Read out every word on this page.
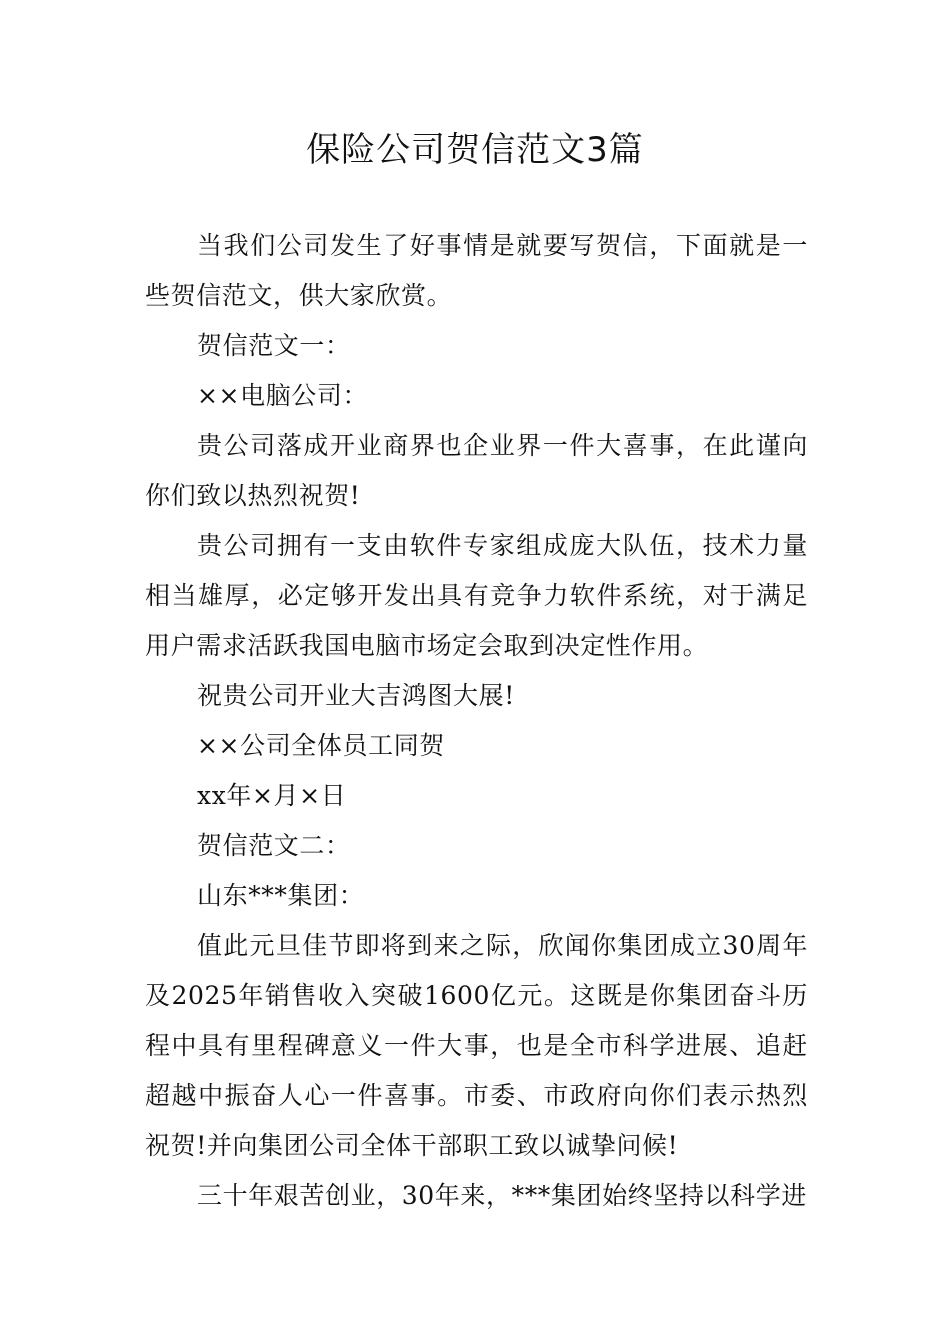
保险公司贺信范文3篇

当我们公司发生了好事情是就要写贺信，下面就是一些贺信范文，供大家欣赏。

贺信范文一：

××电脑公司：

贵公司落成开业商界也企业界一件大喜事，在此谨向你们致以热烈祝贺!

贵公司拥有一支由软件专家组成庞大队伍，技术力量相当雄厚，必定够开发出具有竞争力软件系统，对于满足用户需求活跃我国电脑市场定会取到决定性作用。

祝贵公司开业大吉鸿图大展!

××公司全体员工同贺

xx年×月×日

贺信范文二：

山东***集团：

值此元旦佳节即将到来之际，欣闻你集团成立30周年及2025年销售收入突破1600亿元。这既是你集团奋斗历程中具有里程碑意义一件大事，也是全市科学进展、追赶超越中振奋人心一件喜事。市委、市政府向你们表示热烈祝贺!并向集团公司全体干部职工致以诚挚问候!

三十年艰苦创业，30年来，***集团始终坚持以科学进
